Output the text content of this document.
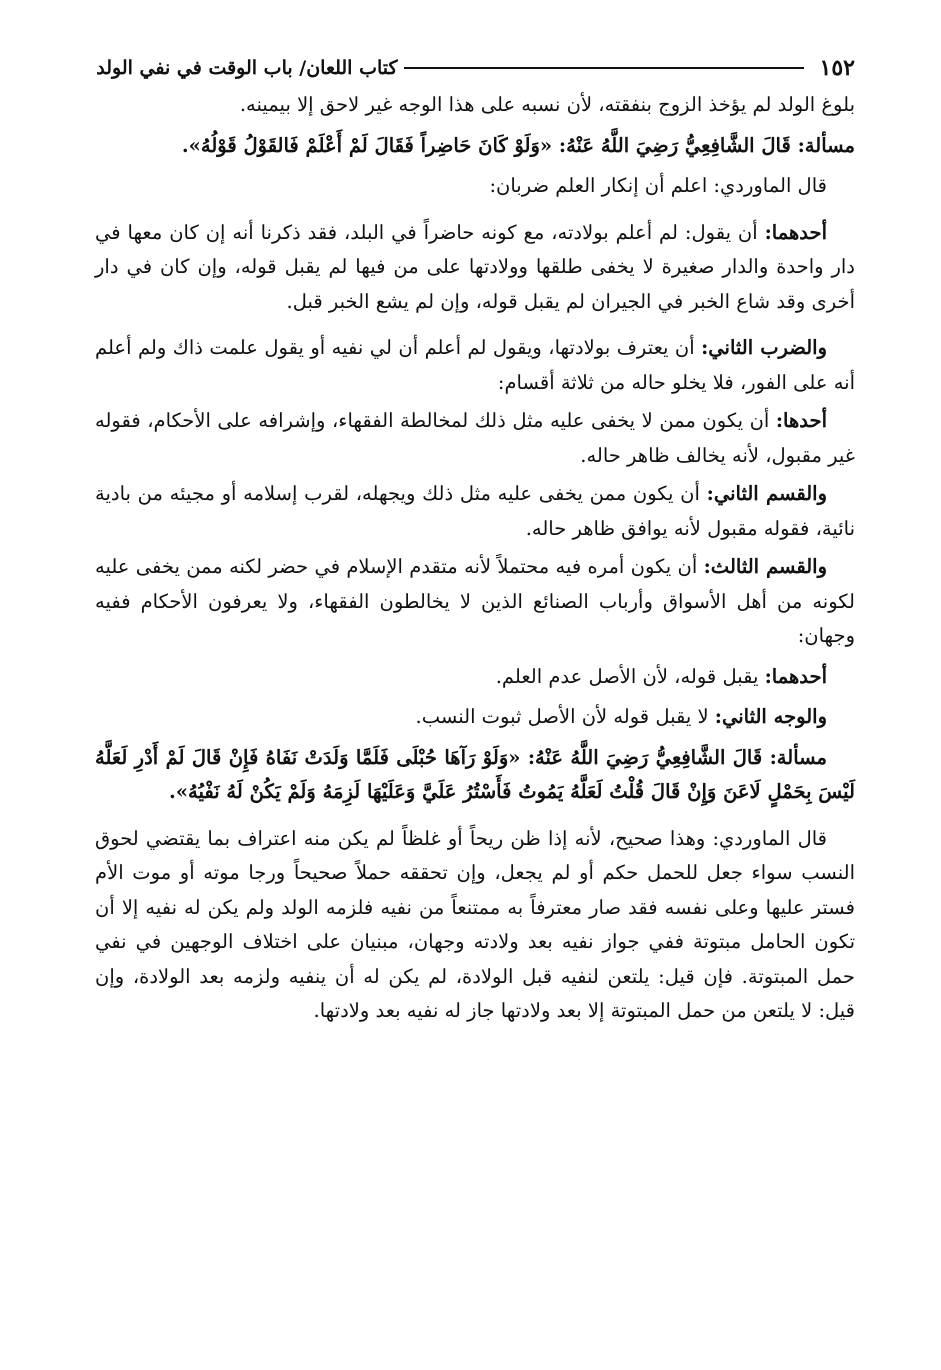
١٥٢
كتاب اللعان/ باب الوقت في نفي الولد

بلوغ الولد لم يؤخذ الزوج بنفقته، لأن نسبه على هذا الوجه غير لاحق إلا بيمينه.

مسألة: قَالَ الشَّافِعِيُّ رَضِيَ اللَّهُ عَنْهُ: «وَلَوْ كَانَ حَاضِراً فَقَالَ لَمْ أَعْلَمْ فَالقَوْلُ قَوْلُهُ».

قال الماوردي: اعلم أن إنكار العلم ضربان:

أحدهما: أن يقول: لم أعلم بولادته، مع كونه حاضراً في البلد، فقد ذكرنا أنه إن كان معها في دار واحدة والدار صغيرة لا يخفى طلقها وولادتها على من فيها لم يقبل قوله، وإن كان في دار أخرى وقد شاع الخبر في الجيران لم يقبل قوله، وإن لم يشع الخبر قبل.

والضرب الثاني: أن يعترف بولادتها، ويقول لم أعلم أن لي نفيه أو يقول علمت ذاك ولم أعلم أنه على الفور، فلا يخلو حاله من ثلاثة أقسام:

أحدها: أن يكون ممن لا يخفى عليه مثل ذلك لمخالطة الفقهاء، وإشرافه على الأحكام، فقوله غير مقبول، لأنه يخالف ظاهر حاله.

والقسم الثاني: أن يكون ممن يخفى عليه مثل ذلك ويجهله، لقرب إسلامه أو مجيئه من بادية نائية، فقوله مقبول لأنه يوافق ظاهر حاله.

والقسم الثالث: أن يكون أمره فيه محتملاً لأنه متقدم الإسلام في حضر لكنه ممن يخفى عليه لكونه من أهل الأسواق وأرباب الصنائع الذين لا يخالطون الفقهاء، ولا يعرفون الأحكام ففيه وجهان:

أحدهما: يقبل قوله، لأن الأصل عدم العلم.

والوجه الثاني: لا يقبل قوله لأن الأصل ثبوت النسب.

مسألة: قَالَ الشَّافِعِيُّ رَضِيَ اللَّهُ عَنْهُ: «وَلَوْ رَآهَا حُبْلَى فَلَمَّا وَلَدَتْ نَفَاهُ فَإِنْ قَالَ لَمْ أَدْرِ لَعَلَّهُ لَيْسَ بِحَمْلٍ لَاعَنَ وَإِنْ قَالَ قُلْتُ لَعَلَّهُ يَمُوتُ فَأَسْتُرُ عَلَيَّ وَعَلَيْهَا لَزِمَهُ وَلَمْ يَكُنْ لَهُ نَفْيُهُ».

قال الماوردي: وهذا صحيح، لأنه إذا ظن ريحاً أو غلظاً لم يكن منه اعتراف بما يقتضي لحوق النسب سواء جعل للحمل حكم أو لم يجعل، وإن تحققه حملاً صحيحاً ورجا موته أو موت الأم فستر عليها وعلى نفسه فقد صار معترفاً به ممتنعاً من نفيه فلزمه الولد ولم يكن له نفيه إلا أن تكون الحامل مبتوتة ففي جواز نفيه بعد ولادته وجهان، مبنيان على اختلاف الوجهين في نفي حمل المبتوتة. فإن قيل: يلتعن لنفيه قبل الولادة، لم يكن له أن ينفيه ولزمه بعد الولادة، وإن قيل: لا يلتعن من حمل المبتوتة إلا بعد ولادتها جاز له نفيه بعد ولادتها.
